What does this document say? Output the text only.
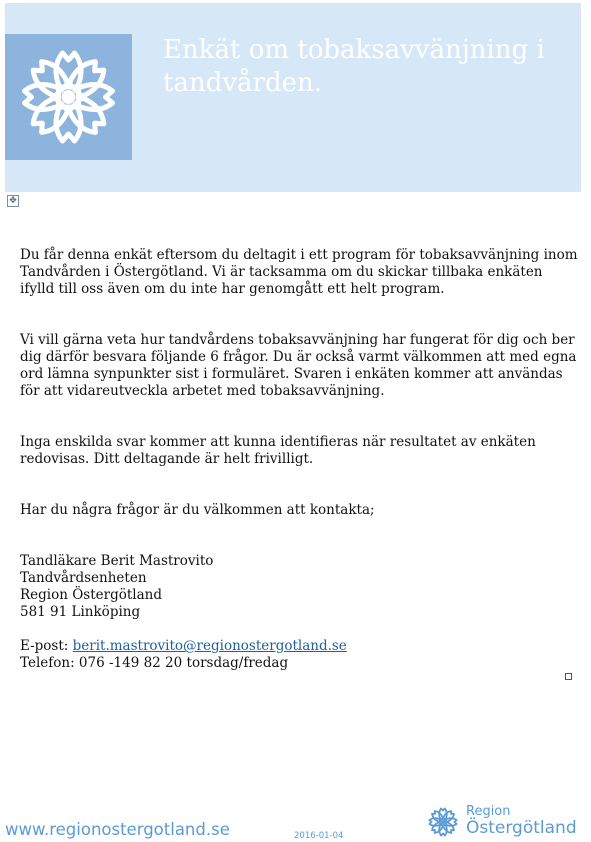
Enkät om tobaksavvänjning i tandvården.
✥

Du får denna enkät eftersom du deltagit i ett program för tobaksavvänjning inom Tandvården i Östergötland. Vi är tacksamma om du skickar tillbaka enkäten ifylld till oss även om du inte har genomgått ett helt program.

Vi vill gärna veta hur tandvårdens tobaksavvänjning har fungerat för dig och ber dig därför besvara följande 6 frågor. Du är också varmt välkommen att med egna ord lämna synpunkter sist i formuläret. Svaren i enkäten kommer att användas för att vidareutveckla arbetet med tobaksavvänjning.

Inga enskilda svar kommer att kunna identifieras när resultatet av enkäten redovisas. Ditt deltagande är helt frivilligt.

Har du några frågor är du välkommen att kontakta;

Tandläkare Berit Mastrovito

Tandvårdsenheten

Region Östergötland

581 91 Linköping

E-post: berit.mastrovito@regionostergotland.se

Telefon: 076 -149 82 20 torsdag/fredag

www.regionostergotland.se	2016-01-04
Region
Östergötland
